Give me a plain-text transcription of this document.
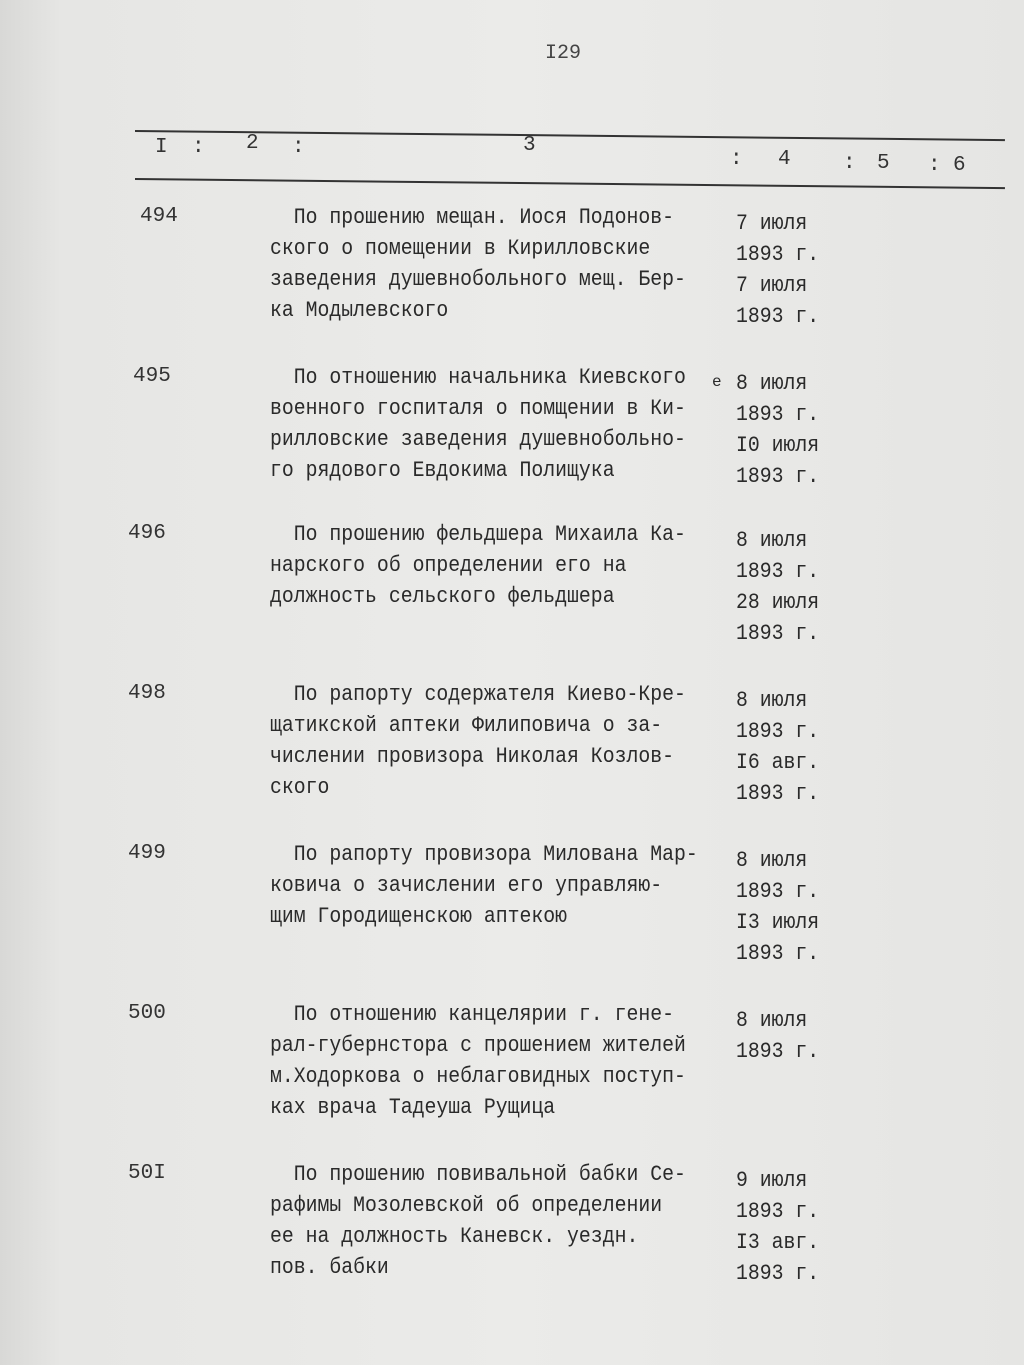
I29
I : 2 :	3
: 4 : 5 : 6
494	По прошению мещан. Иося Подонов-
ского о помещении в Кирилловские
заведения душевнобольного мещ. Бер-
ка Модылевского
7 июля
1893 г.
7 июля
1893 г.
495	По отношению начальника Киевского
военного госпиталя о помщении в Ки-
рилловские заведения душевнобольно-
го рядового Евдокима Полищука
8 июля
1893 г.
I0 июля
1893 г.
496	По прошению фельдшера Михаила Ка-
нарского об определении его на
должность сельского фельдшера
8 июля
1893 г.
28 июля
1893 г.
498	По рапорту содержателя Киево-Кре-
щатикской аптеки Филиповича о за-
числении провизора Николая Козлов-
ского
8 июля
1893 г.
I6 авг.
1893 г.
499	По рапорту провизора Милована Мар-
ковича о зачислении его управляю-
щим Городищенскою аптекою
8 июля
1893 г.
I3 июля
1893 г.
500	По отношению канцелярии г. гене-
рал-губернстора с прошением жителей
м.Ходоркова о неблаговидных поступ-
ках врача Тадеуша Рущица
8 июля
1893 г.
50I	По прошению повивальной бабки Се-
рафимы Мозолевской об определении
ее на должность Каневск. уездн.
пов. бабки
9 июля
1893 г.
I3 авг.
1893 г.
е
